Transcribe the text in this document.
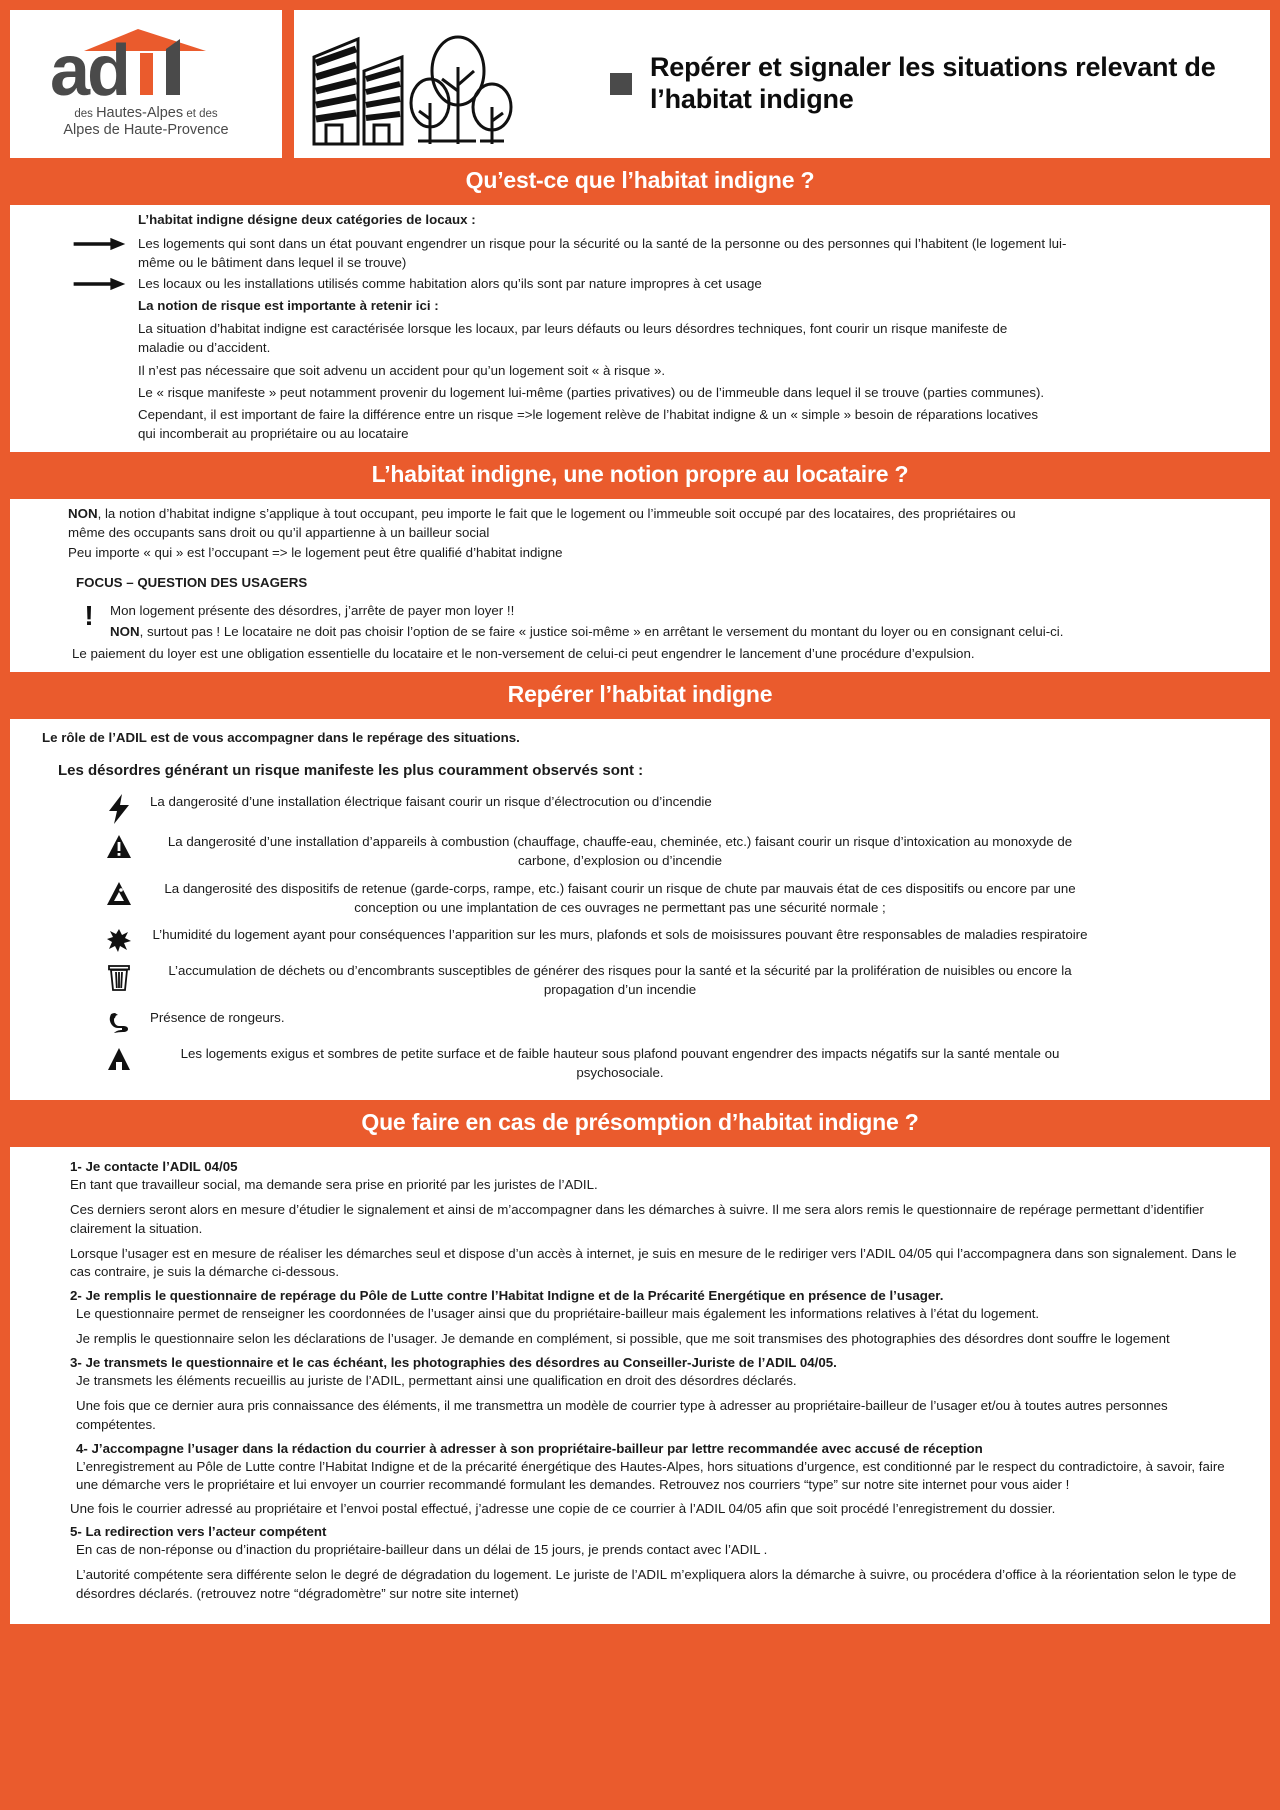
ad
des Hautes-Alpes et des
Alpes de Haute-Provence
Repérer et signaler les situations relevant de l’habitat indigne
Qu’est-ce que l’habitat indigne ?
L’habitat indigne désigne deux catégories de locaux :
Les logements qui sont dans un état pouvant engendrer un risque pour la sécurité ou la santé de la personne ou des personnes qui l’habitent (le logement lui-même ou le bâtiment dans lequel il se trouve)
Les locaux ou les installations utilisés comme habitation alors qu’ils sont par nature impropres à cet usage
La notion de risque est importante à retenir ici :
La situation d’habitat indigne est caractérisée lorsque les locaux, par leurs défauts ou leurs désordres techniques, font courir un risque manifeste de maladie ou d’accident.
Il n’est pas nécessaire que soit advenu un accident pour qu’un logement soit « à risque ».
Le « risque manifeste » peut notamment provenir du logement lui-même (parties privatives) ou de l’immeuble dans lequel il se trouve (parties communes).
Cependant, il est important de faire la différence entre un risque =>le logement relève de l’habitat indigne & un « simple » besoin de réparations locatives qui incomberait au propriétaire ou au locataire
L’habitat indigne, une notion propre au locataire ?
NON, la notion d’habitat indigne s’applique à tout occupant, peu importe le fait que le logement ou l’immeuble soit occupé par des locataires, des propriétaires ou même des occupants sans droit ou qu’il appartienne à un bailleur social
Peu importe « qui » est l’occupant => le logement peut être qualifié d’habitat indigne
FOCUS – QUESTION DES USAGERS
!	Mon logement présente des désordres, j’arrête de payer mon loyer !!
NON, surtout pas ! Le locataire ne doit pas choisir l’option de se faire « justice soi-même » en arrêtant le versement du montant du loyer ou en consignant celui-ci.
Le paiement du loyer est une obligation essentielle du locataire et le non-versement de celui-ci peut engendrer le lancement d’une procédure d’expulsion.
Repérer l’habitat indigne
Le rôle de l’ADIL est de vous accompagner dans le repérage des situations.
Les désordres générant un risque manifeste les plus couramment observés sont :
La dangerosité d’une installation électrique faisant courir un risque d’électrocution ou d’incendie
La dangerosité d’une installation d’appareils à combustion (chauffage, chauffe-eau, cheminée, etc.) faisant courir un risque d’intoxication au monoxyde de carbone, d’explosion ou d’incendie
La dangerosité des dispositifs de retenue (garde-corps, rampe, etc.) faisant courir un risque de chute par mauvais état de ces dispositifs ou encore par une conception ou une implantation de ces ouvrages ne permettant pas une sécurité normale ;
L’humidité du logement ayant pour conséquences l’apparition sur les murs, plafonds et sols de moisissures pouvant être responsables de maladies respiratoire
L’accumulation de déchets ou d’encombrants susceptibles de générer des risques pour la santé et la sécurité par la prolifération de nuisibles ou encore la propagation d’un incendie
Présence de rongeurs.
Les logements exigus et sombres de petite surface et de faible hauteur sous plafond pouvant engendrer des impacts négatifs sur la santé mentale ou psychosociale.
Que faire en cas de présomption d’habitat indigne ?
1- Je contacte l’ADIL 04/05
En tant que travailleur social, ma demande sera prise en priorité par les juristes de l’ADIL.
Ces derniers seront alors en mesure d’étudier le signalement et ainsi de m’accompagner dans les démarches à suivre. Il me sera alors remis le questionnaire de repérage permettant d’identifier clairement la situation.
Lorsque l’usager est en mesure de réaliser les démarches seul et dispose d’un accès à internet, je suis en mesure de le rediriger vers l’ADIL 04/05 qui l’accompagnera dans son signalement. Dans le cas contraire, je suis la démarche ci-dessous.
2- Je remplis le questionnaire de repérage du Pôle de Lutte contre l’Habitat Indigne et de la Précarité Energétique en présence de l’usager.
Le questionnaire permet de renseigner les coordonnées de l’usager ainsi que du propriétaire-bailleur mais également les informations relatives à l’état du logement.
Je remplis le questionnaire selon les déclarations de l’usager. Je demande en complément, si possible, que me soit transmises des photographies des désordres dont souffre le logement
3- Je transmets le questionnaire et le cas échéant, les photographies des désordres au Conseiller-Juriste de l’ADIL 04/05.
Je transmets les éléments recueillis au juriste de l’ADIL, permettant ainsi une qualification en droit des désordres déclarés.
Une fois que ce dernier aura pris connaissance des éléments, il me transmettra un modèle de courrier type à adresser au propriétaire-bailleur de l’usager et/ou à toutes autres personnes compétentes.
4- J’accompagne l’usager dans la rédaction du courrier à adresser à son propriétaire-bailleur par lettre recommandée avec accusé de réception
L’enregistrement au Pôle de Lutte contre l’Habitat Indigne et de la précarité énergétique des Hautes-Alpes, hors situations d’urgence, est conditionné par le respect du contradictoire, à savoir, faire une démarche vers le propriétaire et lui envoyer un courrier recommandé formulant les demandes. Retrouvez nos courriers “type” sur notre site internet pour vous aider !
Une fois le courrier adressé au propriétaire et l’envoi postal effectué, j’adresse une copie de ce courrier à l’ADIL 04/05 afin que soit procédé l’enregistrement du dossier.
5- La redirection vers l’acteur compétent
En cas de non-réponse ou d’inaction du propriétaire-bailleur dans un délai de 15 jours, je prends contact avec l’ADIL .
L’autorité compétente sera différente selon le degré de dégradation du logement. Le juriste de l’ADIL m’expliquera alors la démarche à suivre, ou procédera d’office à la réorientation selon le type de désordres déclarés. (retrouvez notre “dégradomètre” sur notre site internet)
